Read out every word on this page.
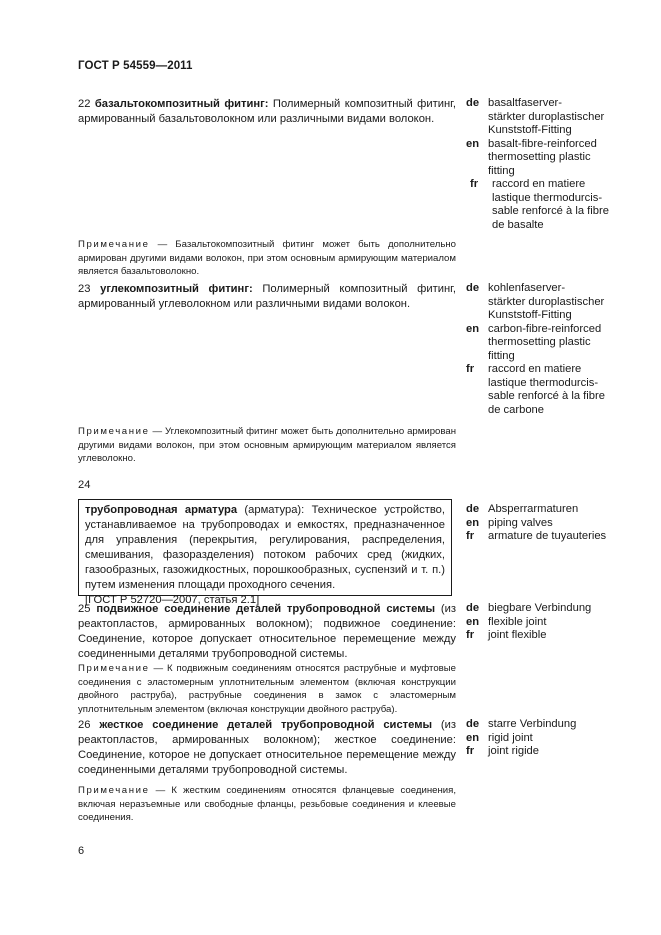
ГОСТ Р 54559—2011
22 базальтокомпозитный фитинг: Полимерный композитный фитинг, армированный базальтоволокном или различными видами волокон.
de basaltfaserver-
stärkter duroplastischer
Kunststoff-Fitting
en basalt-fibre-reinforced
thermosetting plastic
fitting
fr	raccord en matiere
lastique thermodurcis-
sable renforcé à la fibre
de basalte
Примечание — Базальтокомпозитный фитинг может быть дополнительно армирован другими видами волокон, при этом основным армирующим материалом является базальтоволокно.
23 углекомпозитный фитинг: Полимерный композитный фитинг, армированный углеволокном или различными видами волокон.
de kohlenfaserver-
stärkter duroplastischer
Kunststoff-Fitting
en carbon-fibre-reinforced
thermosetting plastic
fitting
fr	raccord en matiere
lastique thermodurcis-
sable renforcé à la fibre
de carbone
Примечание — Углекомпозитный фитинг может быть дополнительно армирован другими видами волокон, при этом основным армирующим материалом является углеволокно.
24
трубопроводная арматура (арматура): Техническое устройство, устанавливаемое на трубопроводах и емкостях, предназначенное для управления (перекрытия, регулирования, распределения, смешивания, фазоразделения) потоком рабочих сред (жидких, газообразных, газожидкостных, порошкообразных, суспензий и т. п.) путем изменения площади проходного сечения.
[ГОСТ Р 52720—2007, статья 2.1]
de Absperrarmaturen
en piping valves
fr	armature de tuyauteries
25 подвижное соединение деталей трубопроводной системы (из реактопластов, армированных волокном); подвижное соединение: Соединение, которое допускает относительное перемещение между соединенными деталями трубопроводной системы.
de biegbare Verbindung
en flexible joint
fr	joint flexible
Примечание — К подвижным соединениям относятся раструбные и муфтовые соединения с эластомерным уплотнительным элементом (включая конструкции двойного раструба), раструбные соединения в замок с эластомерным уплотнительным элементом (включая конструкции двойного раструба).
26 жесткое соединение деталей трубопроводной системы (из реактопластов, армированных волокном); жесткое соединение: Соединение, которое не допускает относительное перемещение между соединенными деталями трубопроводной системы.
de starre Verbindung
en rigid joint
fr	joint rigide
Примечание — К жестким соединениям относятся фланцевые соединения, включая неразъемные или свободные фланцы, резьбовые соединения и клеевые соединения.
6
